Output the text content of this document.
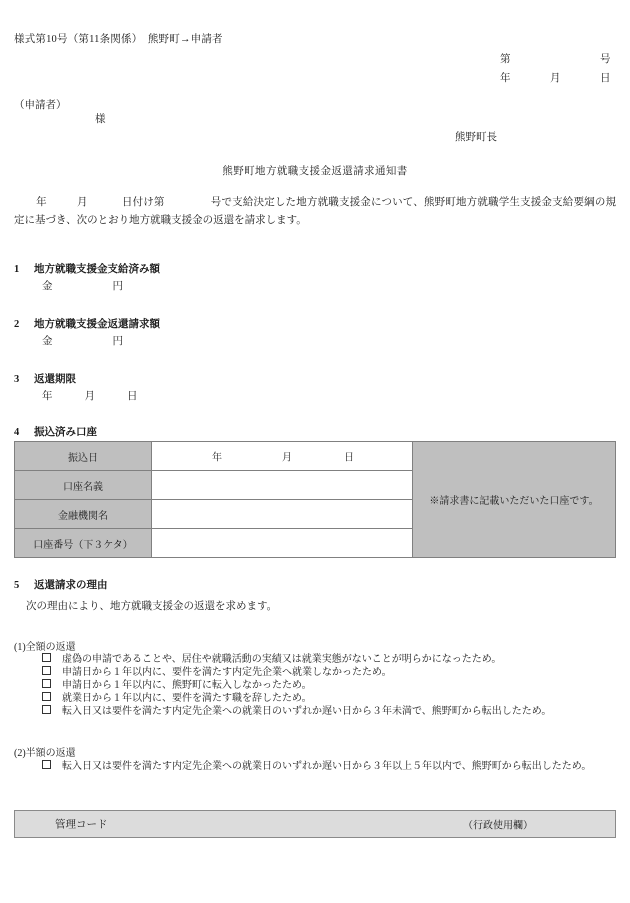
様式第10号（第11条関係）　熊野町→申請者
第	号
年	月	日
（申請者）
様
熊野町長
熊野町地方就職支援金返還請求通知書
年	月	日付け第	号で支給決定した地方就職支援金について、熊野町地方就職学生支援金支給要綱の規定に基づき、次のとおり地方就職支援金の返還を請求します。
1 地方就職支援金支給済み額
金	円
2 地方就職支援金返還請求額
金	円
3 返還期限
年	月	日
4 振込済み口座
振込日	年 月 日	※請求書に記載いただいた口座です。
口座名義		
金融機関名		
口座番号（下３ケタ）		
5 返還請求の理由
次の理由により、地方就職支援金の返還を求めます。
(1)全額の返還
虚偽の申請であることや、居住や就職活動の実績又は就業実態がないことが明らかになったため。
申請日から１年以内に、要件を満たす内定先企業へ就業しなかったため。
申請日から１年以内に、熊野町に転入しなかったため。
就業日から１年以内に、要件を満たす職を辞したため。
転入日又は要件を満たす内定先企業への就業日のいずれか遅い日から３年未満で、熊野町から転出したため。
(2)半額の返還
転入日又は要件を満たす内定先企業への就業日のいずれか遅い日から３年以上５年以内で、熊野町から転出したため。
管理コード	（行政使用欄）
